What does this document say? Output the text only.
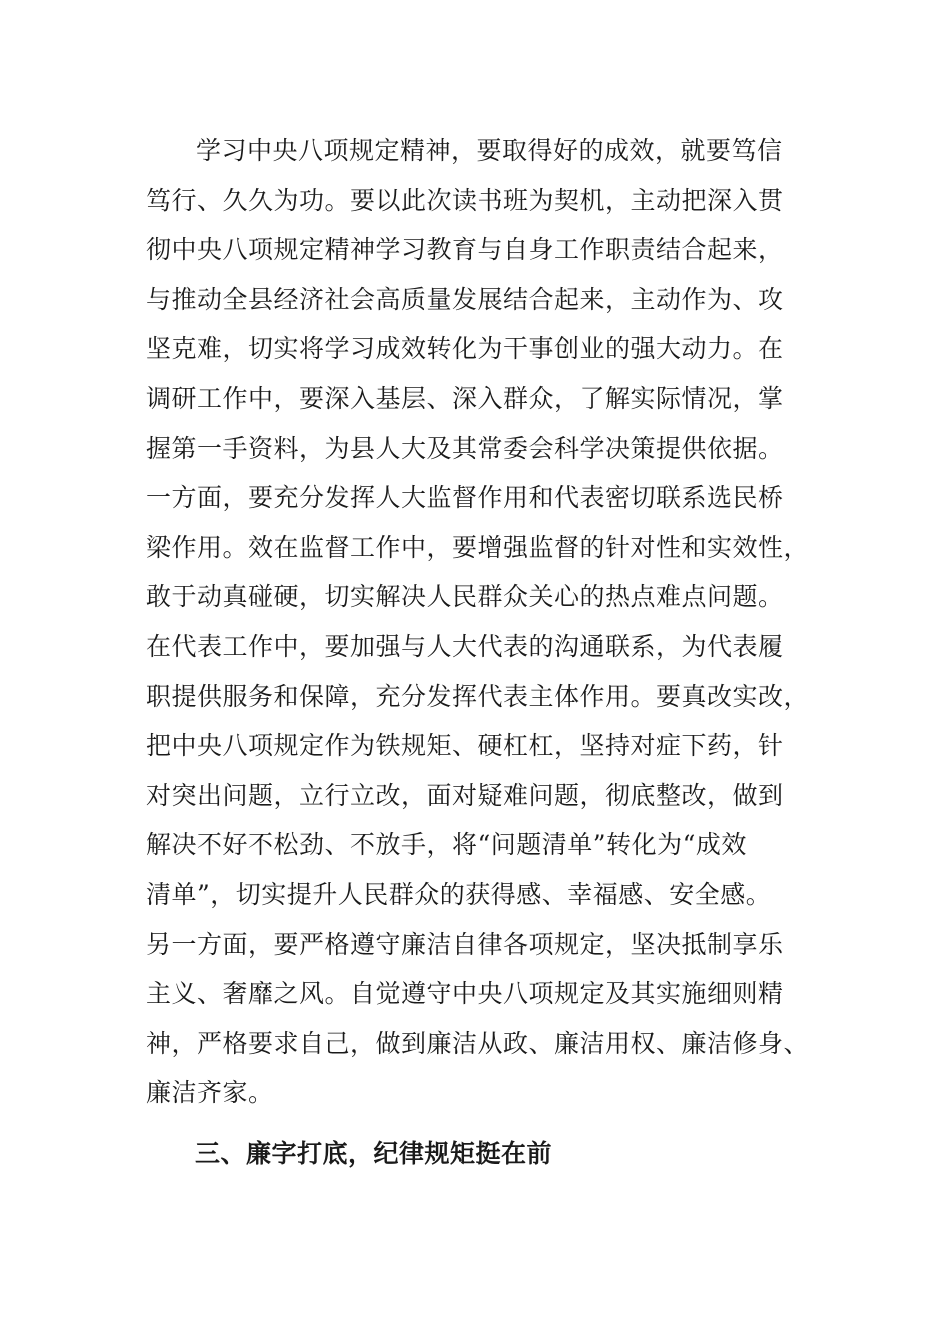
学习中央八项规定精神，要取得好的成效，就要笃信
笃行、久久为功。要以此次读书班为契机，主动把深入贯
彻中央八项规定精神学习教育与自身工作职责结合起来，
与推动全县经济社会高质量发展结合起来，主动作为、攻
坚克难，切实将学习成效转化为干事创业的强大动力。在
调研工作中，要深入基层、深入群众，了解实际情况，掌
握第一手资料，为县人大及其常委会科学决策提供依据。
一方面，要充分发挥人大监督作用和代表密切联系选民桥
梁作用。效在监督工作中，要增强监督的针对性和实效性，
敢于动真碰硬，切实解决人民群众关心的热点难点问题。
在代表工作中，要加强与人大代表的沟通联系，为代表履
职提供服务和保障，充分发挥代表主体作用。要真改实改，
把中央八项规定作为铁规矩、硬杠杠，坚持对症下药，针
对突出问题，立行立改，面对疑难问题，彻底整改，做到
解决不好不松劲、不放手，将“问题清单”转化为“成效
清单”，切实提升人民群众的获得感、幸福感、安全感。
另一方面，要严格遵守廉洁自律各项规定，坚决抵制享乐
主义、奢靡之风。自觉遵守中央八项规定及其实施细则精
神，严格要求自己，做到廉洁从政、廉洁用权、廉洁修身、
廉洁齐家。

三、廉字打底，纪律规矩挺在前
